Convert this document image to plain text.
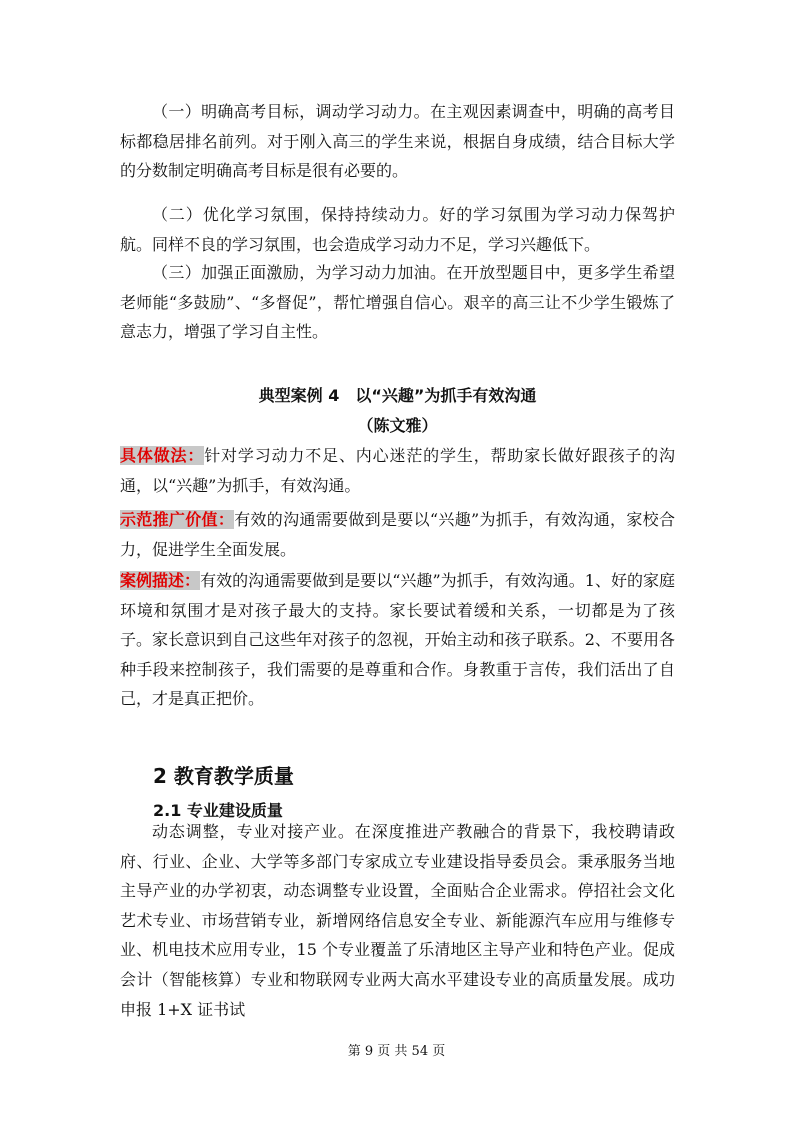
（一）明确高考目标，调动学习动力。在主观因素调查中，明确的高考目标都稳居排名前列。对于刚入高三的学生来说，根据自身成绩，结合目标大学的分数制定明确高考目标是很有必要的。

（二）优化学习氛围，保持持续动力。好的学习氛围为学习动力保驾护航。同样不良的学习氛围，也会造成学习动力不足，学习兴趣低下。

（三）加强正面激励，为学习动力加油。在开放型题目中，更多学生希望老师能“多鼓励”、“多督促”，帮忙增强自信心。艰辛的高三让不少学生锻炼了意志力，增强了学习自主性。

典型案例 4　以“兴趣”为抓手有效沟通
（陈文雅）

具体做法：针对学习动力不足、内心迷茫的学生，帮助家长做好跟孩子的沟通，以“兴趣”为抓手，有效沟通。

示范推广价值：有效的沟通需要做到是要以“兴趣”为抓手，有效沟通，家校合力，促进学生全面发展。

案例描述：有效的沟通需要做到是要以“兴趣”为抓手，有效沟通。1、好的家庭环境和氛围才是对孩子最大的支持。家长要试着缓和关系，一切都是为了孩子。家长意识到自己这些年对孩子的忽视，开始主动和孩子联系。2、不要用各种手段来控制孩子，我们需要的是尊重和合作。身教重于言传，我们活出了自己，才是真正把价。

2 教育教学质量
2.1 专业建设质量

动态调整，专业对接产业。在深度推进产教融合的背景下，我校聘请政府、行业、企业、大学等多部门专家成立专业建设指导委员会。秉承服务当地主导产业的办学初衷，动态调整专业设置，全面贴合企业需求。停招社会文化艺术专业、市场营销专业，新增网络信息安全专业、新能源汽车应用与维修专业、机电技术应用专业，15 个专业覆盖了乐清地区主导产业和特色产业。促成会计（智能核算）专业和物联网专业两大高水平建设专业的高质量发展。成功申报 1+X 证书试

第 9 页 共 54 页
